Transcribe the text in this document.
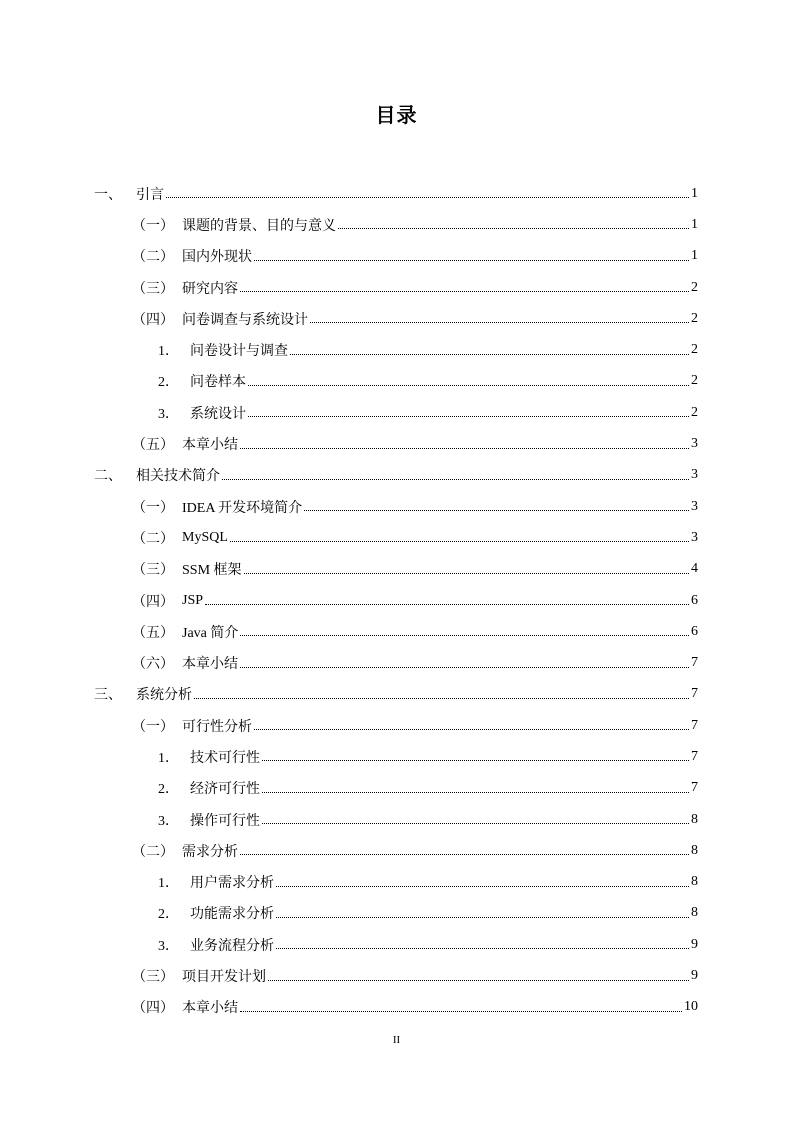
目录
一、	引言	1
（一） 课题的背景、目的与意义	1
（二） 国内外现状	1
（三） 研究内容	2
（四） 问卷调查与系统设计	2
1． 问卷设计与调查	2
2． 问卷样本	2
3． 系统设计	2
（五） 本章小结	3
二、	相关技术简介	3
（一） IDEA 开发环境简介	3
（二） MySQL	3
（三） SSM 框架	4
（四） JSP	6
（五） Java 简介	6
（六） 本章小结	7
三、	系统分析	7
（一） 可行性分析	7
1． 技术可行性	7
2． 经济可行性	7
3． 操作可行性	8
（二） 需求分析	8
1． 用户需求分析	8
2． 功能需求分析	8
3． 业务流程分析	9
（三） 项目开发计划	9
（四） 本章小结	10
II
